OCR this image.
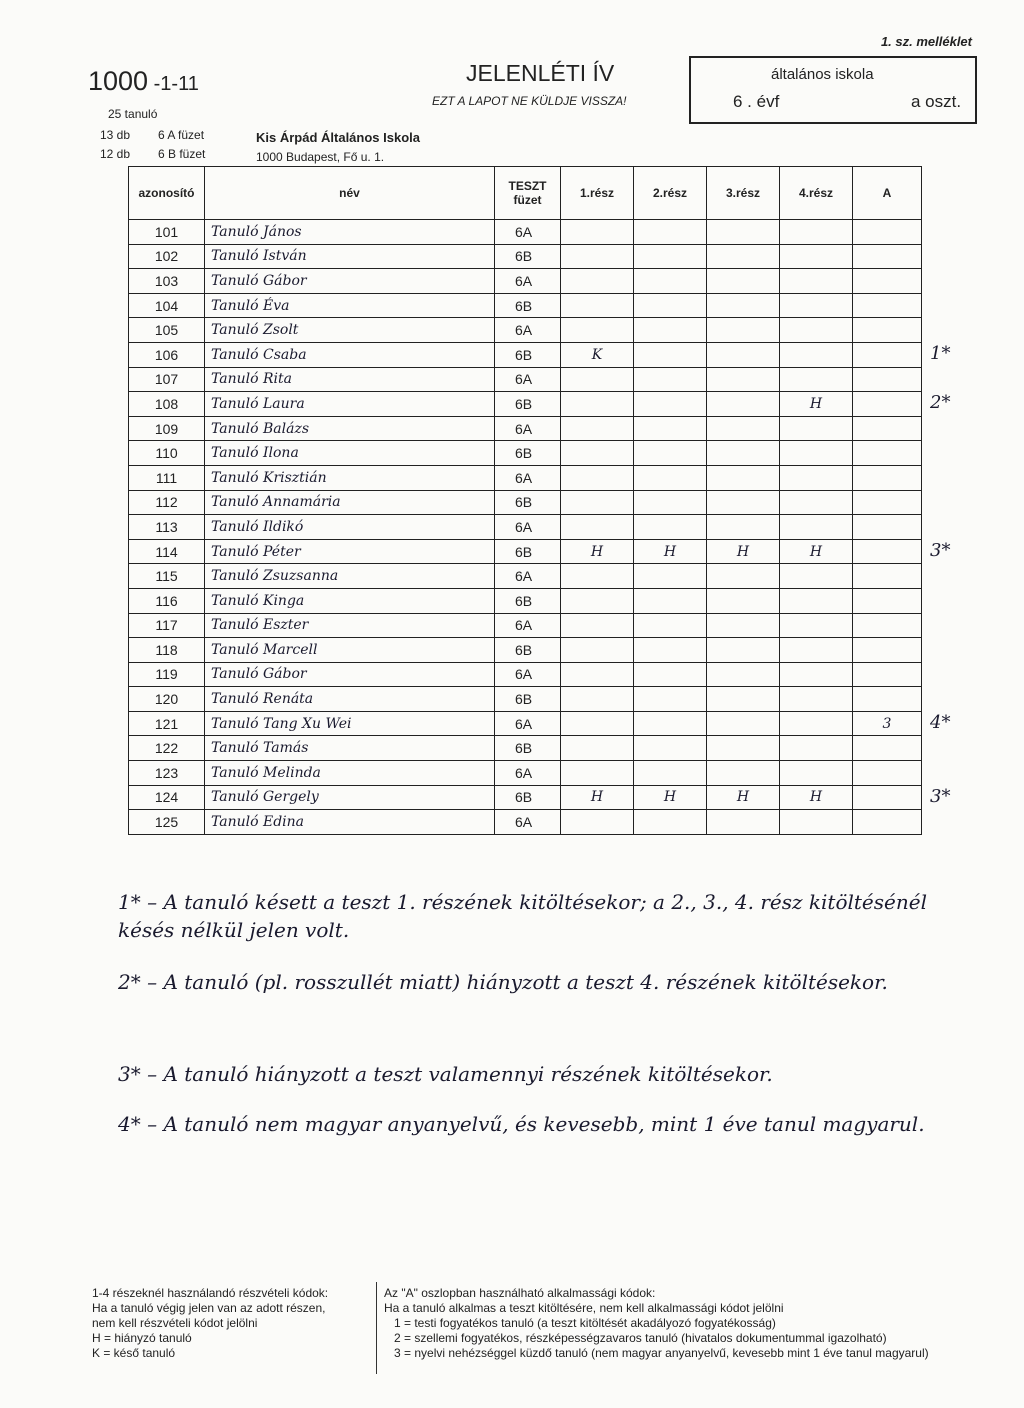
1. sz. melléklet
1000 -1-11
25 tanuló
13 db 6 A füzet
12 db 6 B füzet
Kis Árpád Általános Iskola
1000 Budapest, Fő u. 1.
JELENLÉTI ÍV
EZT A LAPOT NE KÜLDJE VISSZA!
általános iskola
6 . évf	a oszt.
azonosító	név	TESZT füzet	1.rész	2.rész	3.rész	4.rész	A
101	Tanuló János	6A					
102	Tanuló István	6B					
103	Tanuló Gábor	6A					
104	Tanuló Éva	6B					
105	Tanuló Zsolt	6A					
106	Tanuló Csaba	6B	K				
107	Tanuló Rita	6A					
108	Tanuló Laura	6B				H	
109	Tanuló Balázs	6A					
110	Tanuló Ilona	6B					
111	Tanuló Krisztián	6A					
112	Tanuló Annamária	6B					
113	Tanuló Ildikó	6A					
114	Tanuló Péter	6B	H	H	H	H	
115	Tanuló Zsuzsanna	6A					
116	Tanuló Kinga	6B					
117	Tanuló Eszter	6A					
118	Tanuló Marcell	6B					
119	Tanuló Gábor	6A					
120	Tanuló Renáta	6B					
121	Tanuló Tang Xu Wei	6A					3
122	Tanuló Tamás	6B					
123	Tanuló Melinda	6A					
124	Tanuló Gergely	6B	H	H	H	H	
125	Tanuló Edina	6A					
1*
2*
3*
4*
3*
1* – A tanuló késett a teszt 1. részének kitöltésekor; a 2., 3., 4. rész kitöltésénél késés nélkül jelen volt.
2* – A tanuló (pl. rosszullét miatt) hiányzott a teszt 4. részének kitöltésekor.
3* – A tanuló hiányzott a teszt valamennyi részének kitöltésekor.
4* – A tanuló nem magyar anyanyelvű, és kevesebb, mint 1 éve tanul magyarul.
1-4 részeknél használandó részvételi kódok:
Ha a tanuló végig jelen van az adott részen,
nem kell részvételi kódot jelölni
H = hiányzó tanuló
K = késő tanuló
Az "A" oszlopban használható alkalmassági kódok:
Ha a tanuló alkalmas a teszt kitöltésére, nem kell alkalmassági kódot jelölni
1 = testi fogyatékos tanuló (a teszt kitöltését akadályozó fogyatékosság)
2 = szellemi fogyatékos, részképességzavaros tanuló (hivatalos dokumentummal igazolható)
3 = nyelvi nehézséggel küzdő tanuló (nem magyar anyanyelvű, kevesebb mint 1 éve tanul magyarul)
